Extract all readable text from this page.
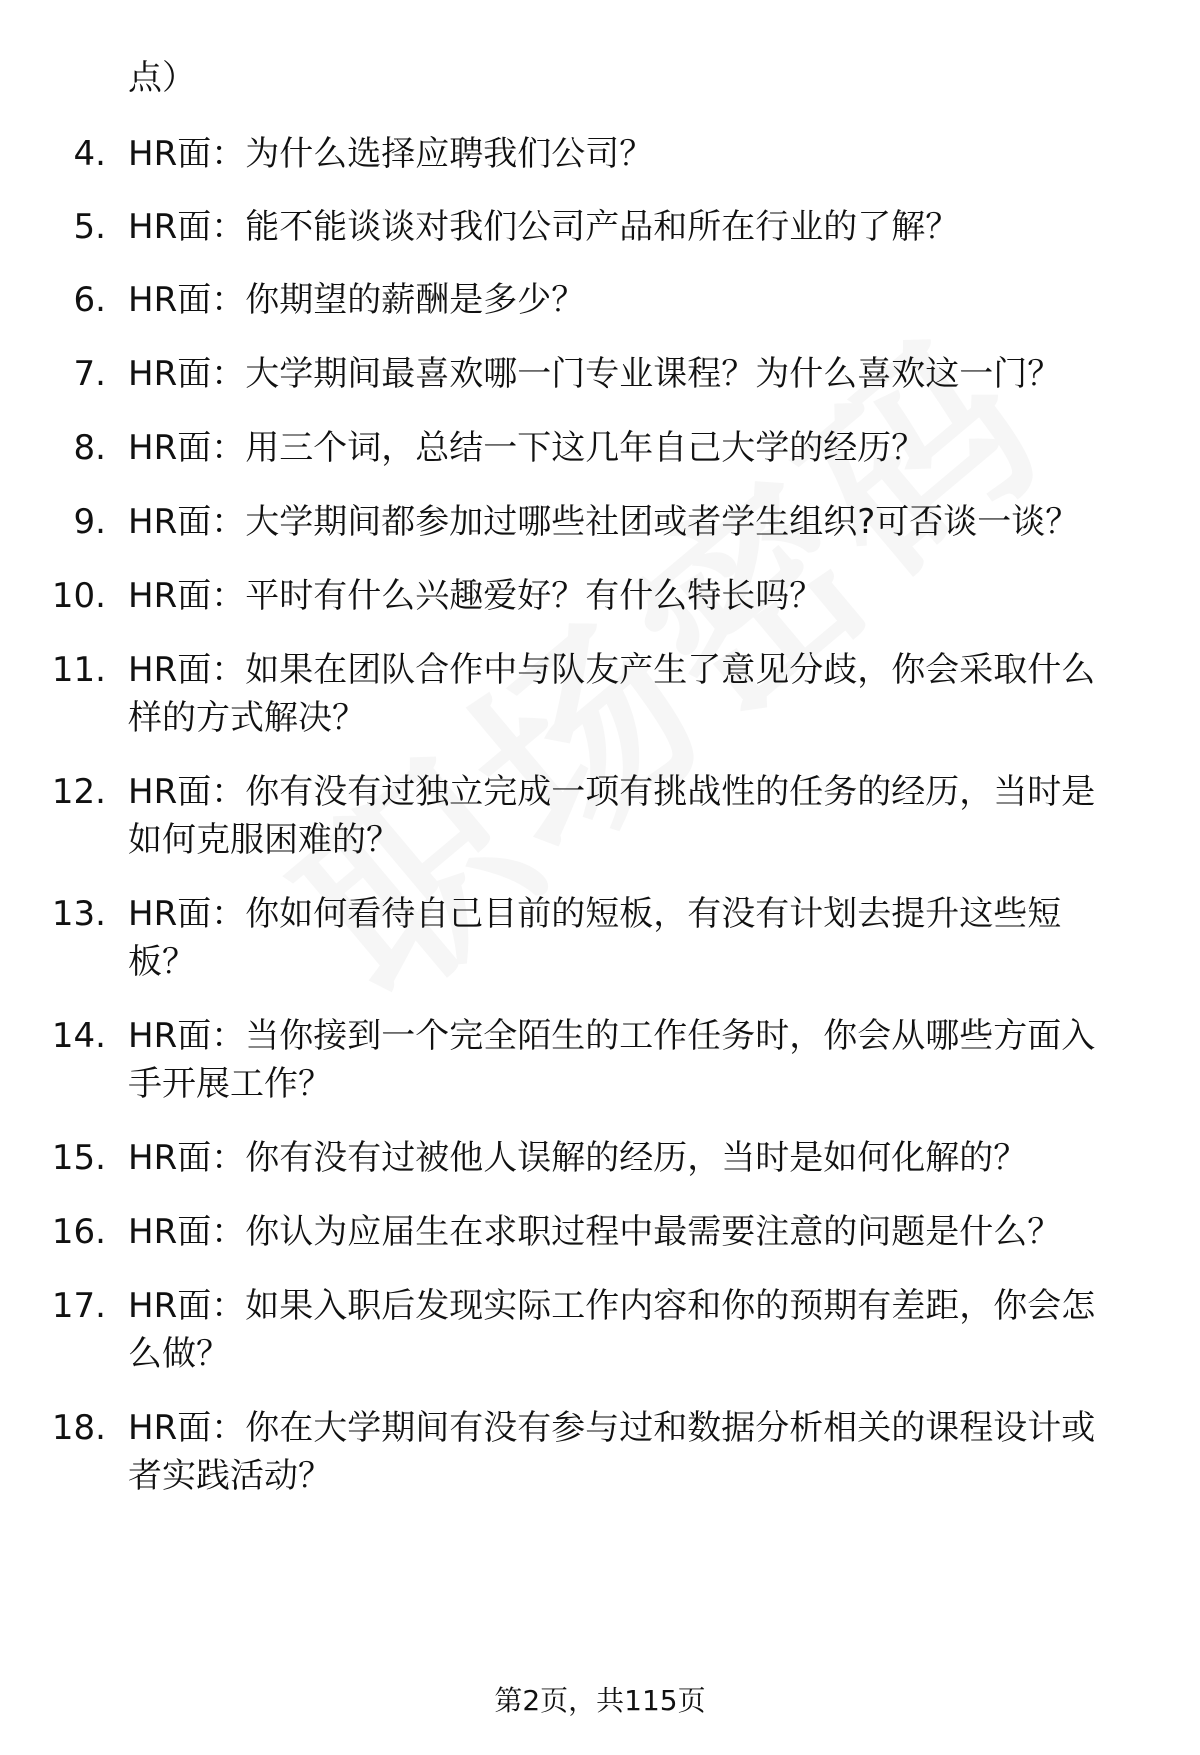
点）
4. HR面：为什么选择应聘我们公司？
5. HR面：能不能谈谈对我们公司产品和所在行业的了解？
6. HR面：你期望的薪酬是多少？
7. HR面：大学期间最喜欢哪一门专业课程？为什么喜欢这一门？
8. HR面：用三个词，总结一下这几年自己大学的经历？
9. HR面：大学期间都参加过哪些社团或者学生组织?可否谈一谈？
10. HR面：平时有什么兴趣爱好？有什么特长吗？
11. HR面：如果在团队合作中与队友产生了意见分歧，你会采取什么
样的方式解决？
12. HR面：你有没有过独立完成一项有挑战性的任务的经历，当时是
如何克服困难的？
13. HR面：你如何看待自己目前的短板，有没有计划去提升这些短
板？
14. HR面：当你接到一个完全陌生的工作任务时，你会从哪些方面入
手开展工作？
15. HR面：你有没有过被他人误解的经历，当时是如何化解的？
16. HR面：你认为应届生在求职过程中最需要注意的问题是什么？
17. HR面：如果入职后发现实际工作内容和你的预期有差距，你会怎
么做？
18. HR面：你在大学期间有没有参与过和数据分析相关的课程设计或
者实践活动？
第2页，共115页
